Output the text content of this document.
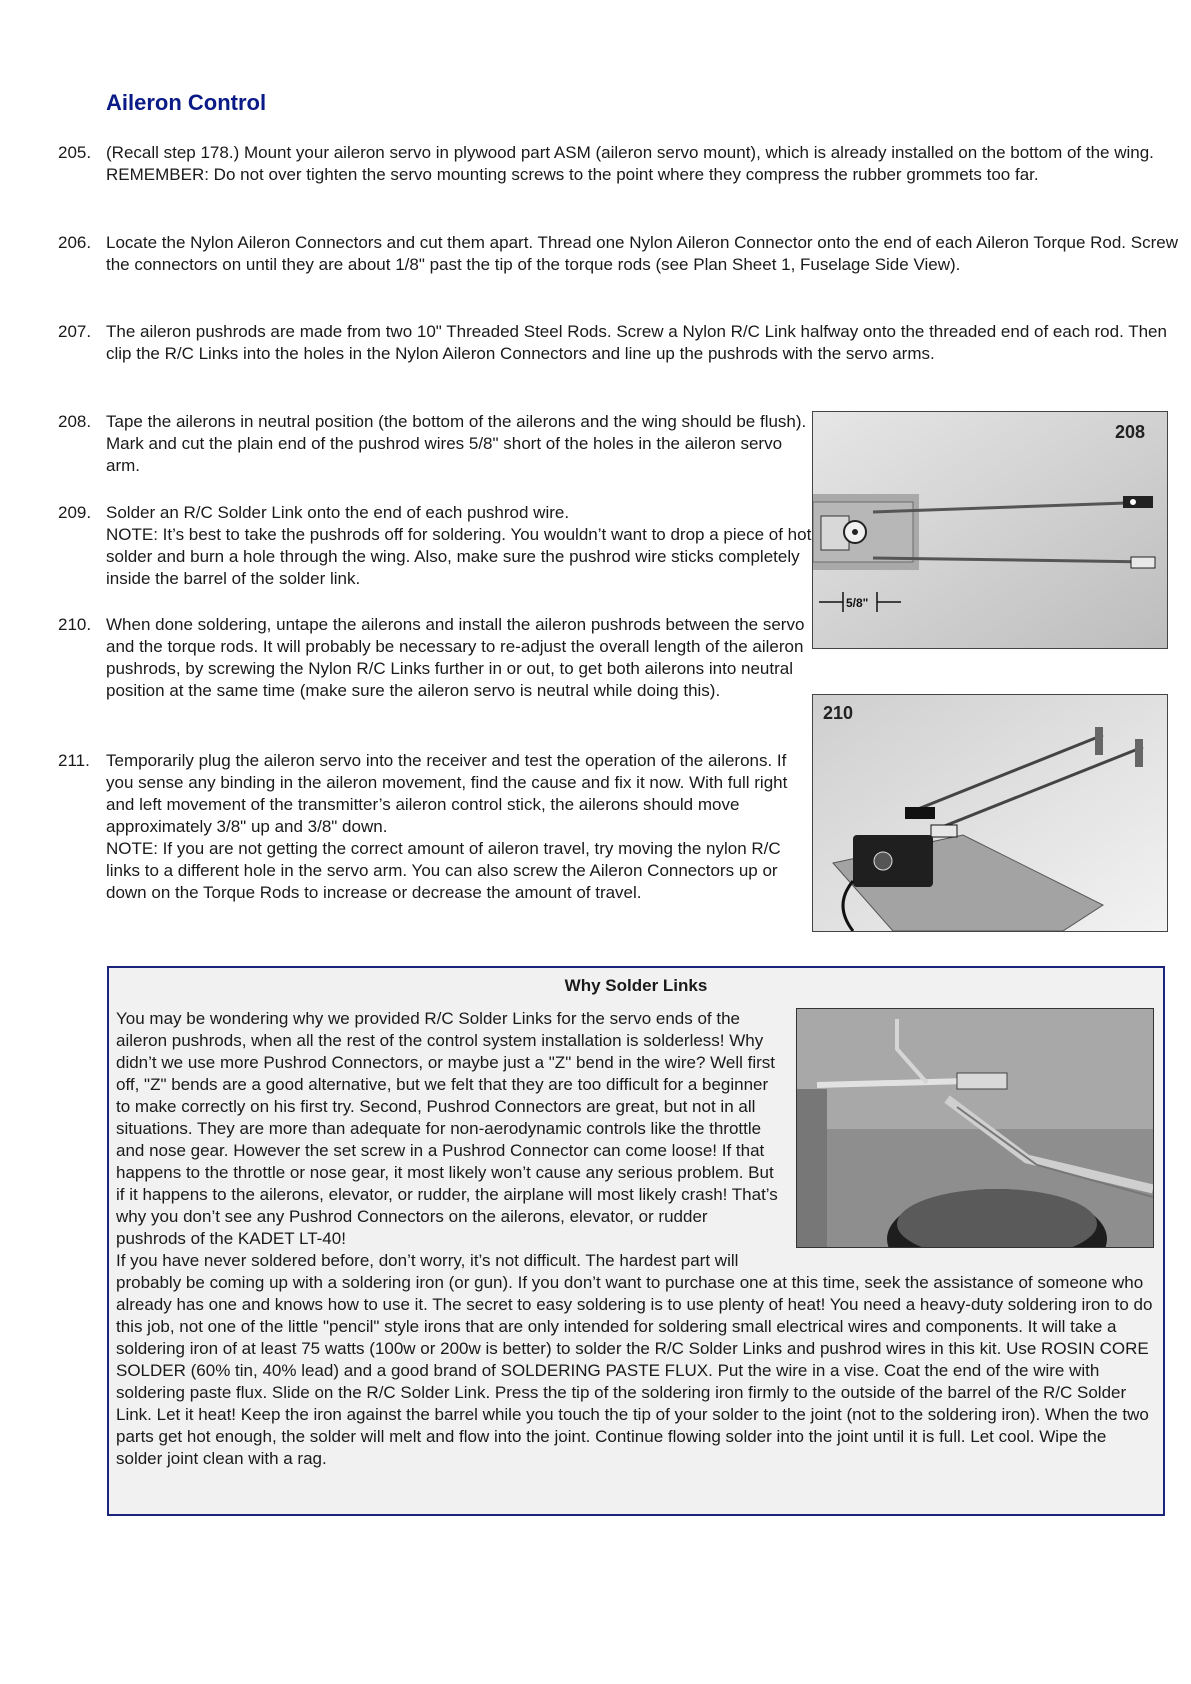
Aileron Control
205. (Recall step 178.) Mount your aileron servo in plywood part ASM (aileron servo mount), which is already installed on the bottom of the wing. REMEMBER: Do not over tighten the servo mounting screws to the point where they compress the rubber grommets too far.

206. Locate the Nylon Aileron Connectors and cut them apart. Thread one Nylon Aileron Connector onto the end of each Aileron Torque Rod. Screw the connectors on until they are about 1/8" past the tip of the torque rods (see Plan Sheet 1, Fuselage Side View).

207. The aileron pushrods are made from two 10" Threaded Steel Rods. Screw a Nylon R/C Link halfway onto the threaded end of each rod. Then clip the R/C Links into the holes in the Nylon Aileron Connectors and line up the pushrods with the servo arms.

208. Tape the ailerons in neutral position (the bottom of the ailerons and the wing should be flush). Mark and cut the plain end of the pushrod wires 5/8" short of the holes in the aileron servo arm.

209. Solder an R/C Solder Link onto the end of each pushrod wire.

NOTE: It’s best to take the pushrods off for soldering. You wouldn’t want to drop a piece of hot solder and burn a hole through the wing. Also, make sure the pushrod wire sticks completely inside the barrel of the solder link.

210. When done soldering, untape the ailerons and install the aileron pushrods between the servo and the torque rods. It will probably be necessary to re-adjust the overall length of the aileron pushrods, by screwing the Nylon R/C Links further in or out, to get both ailerons into neutral position at the same time (make sure the aileron servo is neutral while doing this).

211. Temporarily plug the aileron servo into the receiver and test the operation of the ailerons. If you sense any binding in the aileron movement, find the cause and fix it now. With full right and left movement of the transmitter’s aileron control stick, the ailerons should move approximately 3/8" up and 3/8" down.

NOTE: If you are not getting the correct amount of aileron travel, try moving the nylon R/C links to a different hole in the servo arm. You can also screw the Aileron Connectors up or down on the Torque Rods to increase or decrease the amount of travel.

5/8"
208
210
Why Solder Links

You may be wondering why we provided R/C Solder Links for the servo ends of the aileron pushrods, when all the rest of the control system installation is solderless! Why didn’t we use more Pushrod Connectors, or maybe just a "Z" bend in the wire? Well first off, "Z" bends are a good alternative, but we felt that they are too difficult for a beginner to make correctly on his first try. Second, Pushrod Connectors are great, but not in all situations. They are more than adequate for non-aerodynamic controls like the throttle and nose gear. However the set screw in a Pushrod Connector can come loose! If that happens to the throttle or nose gear, it most likely won’t cause any serious problem. But if it happens to the ailerons, elevator, or rudder, the airplane will most likely crash! That’s why you don’t see any Pushrod Connectors on the ailerons, elevator, or rudder pushrods of the KADET LT-40!

If you have never soldered before, don’t worry, it’s not difficult. The hardest part will probably be coming up with a soldering iron (or gun). If you don’t want to purchase one at this time, seek the assistance of someone who already has one and knows how to use it. The secret to easy soldering is to use plenty of heat! You need a heavy-duty soldering iron to do this job, not one of the little "pencil" style irons that are only intended for soldering small electrical wires and components. It will take a soldering iron of at least 75 watts (100w or 200w is better) to solder the R/C Solder Links and pushrod wires in this kit. Use ROSIN CORE SOLDER (60% tin, 40% lead) and a good brand of SOLDERING PASTE FLUX. Put the wire in a vise. Coat the end of the wire with soldering paste flux. Slide on the R/C Solder Link. Press the tip of the soldering iron firmly to the outside of the barrel of the R/C Solder Link. Let it heat! Keep the iron against the barrel while you touch the tip of your solder to the joint (not to the soldering iron). When the two parts get hot enough, the solder will melt and flow into the joint. Continue flowing solder into the joint until it is full. Let cool. Wipe the solder joint clean with a rag.
